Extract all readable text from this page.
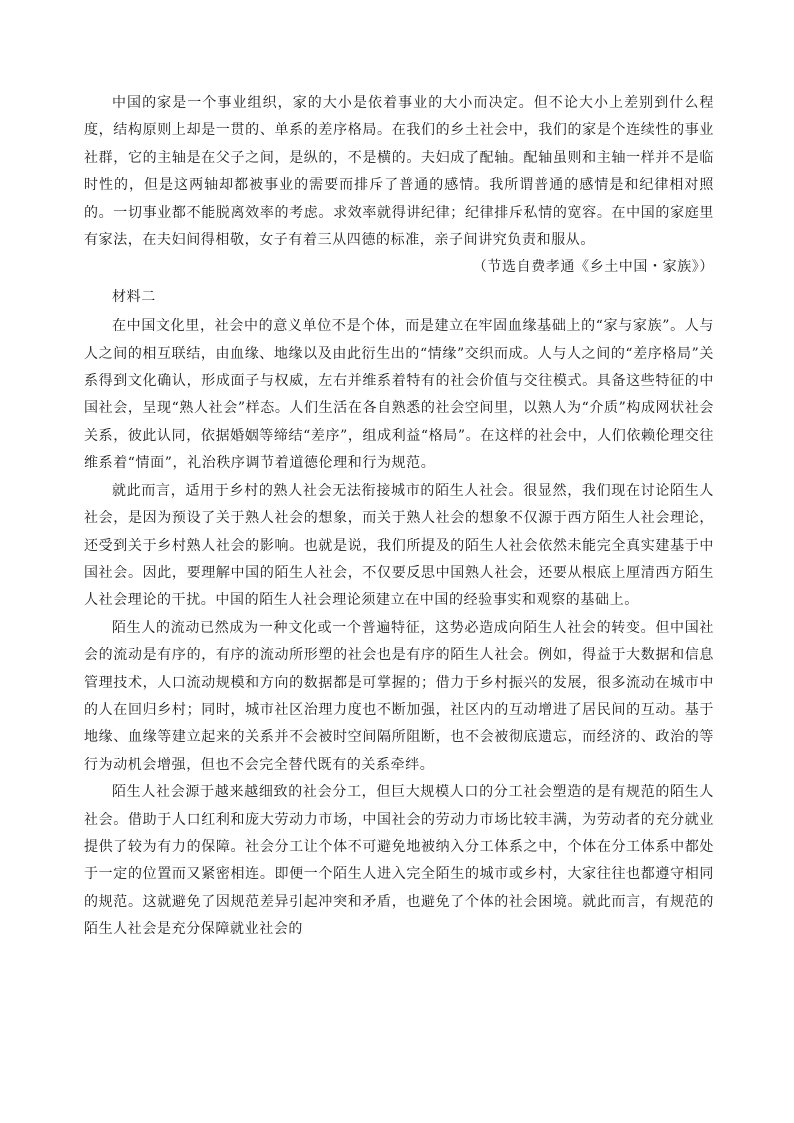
中国的家是一个事业组织，家的大小是依着事业的大小而决定。但不论大小上差别到什么程度，结构原则上却是一贯的、单系的差序格局。在我们的乡土社会中，我们的家是个连续性的事业社群，它的主轴是在父子之间，是纵的，不是横的。夫妇成了配轴。配轴虽则和主轴一样并不是临时性的，但是这两轴却都被事业的需要而排斥了普通的感情。我所谓普通的感情是和纪律相对照的。一切事业都不能脱离效率的考虑。求效率就得讲纪律；纪律排斥私情的宽容。在中国的家庭里有家法，在夫妇间得相敬，女子有着三从四德的标准，亲子间讲究负责和服从。

（节选自费孝通《乡土中国・家族》）

材料二

在中国文化里，社会中的意义单位不是个体，而是建立在牢固血缘基础上的“家与家族”。人与人之间的相互联结，由血缘、地缘以及由此衍生出的“情缘”交织而成。人与人之间的“差序格局”关系得到文化确认，形成面子与权威，左右并维系着特有的社会价值与交往模式。具备这些特征的中国社会，呈现“熟人社会”样态。人们生活在各自熟悉的社会空间里，以熟人为“介质”构成网状社会关系，彼此认同，依据婚姻等缔结“差序”，组成利益“格局”。在这样的社会中，人们依赖伦理交往维系着“情面”，礼治秩序调节着道德伦理和行为规范。

就此而言，适用于乡村的熟人社会无法衔接城市的陌生人社会。很显然，我们现在讨论陌生人社会，是因为预设了关于熟人社会的想象，而关于熟人社会的想象不仅源于西方陌生人社会理论，还受到关于乡村熟人社会的影响。也就是说，我们所提及的陌生人社会依然未能完全真实建基于中国社会。因此，要理解中国的陌生人社会，不仅要反思中国熟人社会，还要从根底上厘清西方陌生人社会理论的干扰。中国的陌生人社会理论须建立在中国的经验事实和观察的基础上。

陌生人的流动已然成为一种文化或一个普遍特征，这势必造成向陌生人社会的转变。但中国社会的流动是有序的，有序的流动所形塑的社会也是有序的陌生人社会。例如，得益于大数据和信息管理技术，人口流动规模和方向的数据都是可掌握的；借力于乡村振兴的发展，很多流动在城市中的人在回归乡村；同时，城市社区治理力度也不断加强，社区内的互动增进了居民间的互动。基于地缘、血缘等建立起来的关系并不会被时空间隔所阻断，也不会被彻底遗忘，而经济的、政治的等行为动机会增强，但也不会完全替代既有的关系牵绊。

陌生人社会源于越来越细致的社会分工，但巨大规模人口的分工社会塑造的是有规范的陌生人社会。借助于人口红利和庞大劳动力市场，中国社会的劳动力市场比较丰满，为劳动者的充分就业提供了较为有力的保障。社会分工让个体不可避免地被纳入分工体系之中，个体在分工体系中都处于一定的位置而又紧密相连。即便一个陌生人进入完全陌生的城市或乡村，大家往往也都遵守相同的规范。这就避免了因规范差异引起冲突和矛盾，也避免了个体的社会困境。就此而言，有规范的陌生人社会是充分保障就业社会的
